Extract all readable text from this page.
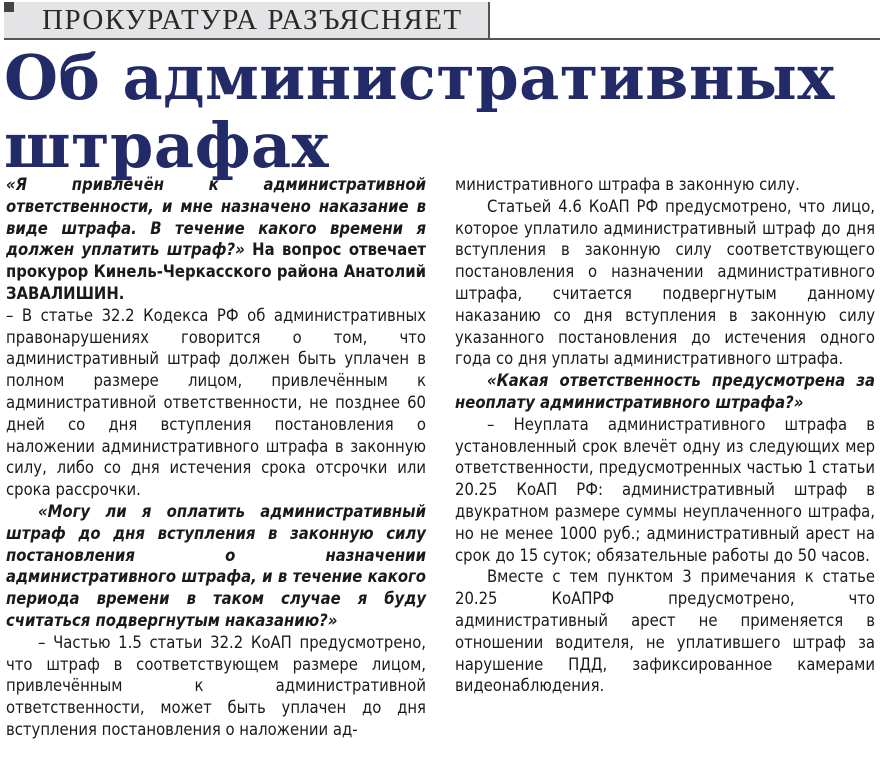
ПРОКУРАТУРА РАЗЪЯСНЯЕТ
Об административных
штрафах

«Я привлечён к административной ответственности, и мне назначено наказание в виде штрафа. В течение какого времени я должен уплатить штраф?» На вопрос отвечает прокурор Кинель-Черкасского района Анатолий ЗАВАЛИШИН.

– В статье 32.2 Кодекса РФ об административных правонарушениях говорится о том, что административный штраф должен быть уплачен в полном размере лицом, привлечённым к административной ответственности, не позднее 60 дней со дня вступления постановления о наложении административного штрафа в законную силу, либо со дня истечения срока отсрочки или срока рассрочки.

«Могу ли я оплатить административный штраф до дня вступления в законную силу постановления о назначении административного штрафа, и в течение какого периода времени в таком случае я буду считаться подвергнутым наказанию?»

– Частью 1.5 статьи 32.2 КоАП предусмотрено, что штраф в соответствующем размере лицом, привлечённым к административной ответственности, может быть уплачен до дня вступления постановления о наложении ад-

министративного штрафа в законную силу.

Статьей 4.6 КоАП РФ предусмотрено, что лицо, которое уплатило административный штраф до дня вступления в законную силу соответствующего постановления о назначении административного штрафа, считается подвергнутым данному наказанию со дня вступления в законную силу указанного постановления до истечения одного года со дня уплаты административного штрафа.

«Какая ответственность предусмотрена за неоплату административного штрафа?»

– Неуплата административного штрафа в установленный срок влечёт одну из следующих мер ответственности, предусмотренных частью 1 статьи 20.25 КоАП РФ: административный штраф в двукратном размере суммы неуплаченного штрафа, но не менее 1000 руб.; административный арест на срок до 15 суток; обязательные работы до 50 часов.

Вместе с тем пунктом 3 примечания к статье 20.25 КоАПРФ предусмотрено, что административный арест не применяется в отношении водителя, не уплатившего штраф за нарушение ПДД, зафиксированное камерами видеонаблюдения.
